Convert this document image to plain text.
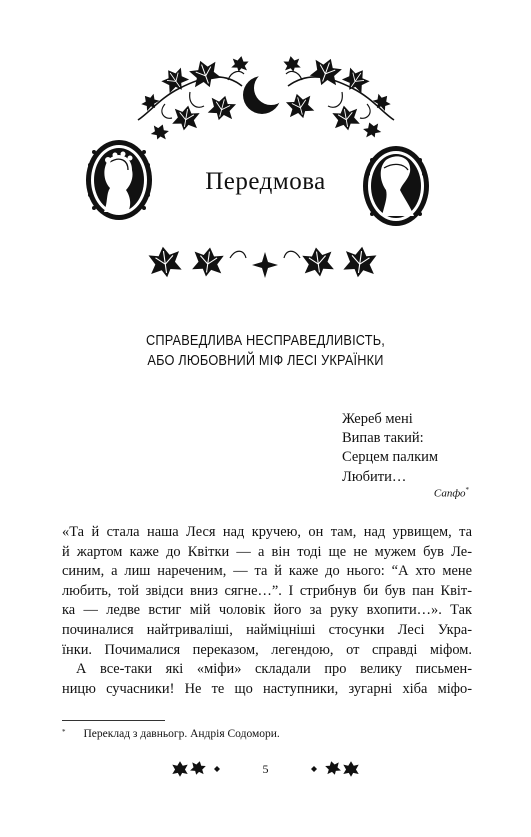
Передмова
СПРАВЕДЛИВА НЕСПРАВЕДЛИВІСТЬ,
АБО ЛЮБОВНИЙ МІФ ЛЕСІ УКРАЇНКИ
Жереб мені
Випав такий:
Серцем палким
Любити…
Сапфо*
«Та й стала наша Леся над кручею, он там, над урвищем, та
й жартом каже до Квітки — а він тоді ще не мужем був Ле-
синим, а лиш нареченим, — та й каже до нього: “А хто мене
любить, той звідси вниз сягне…”. І стрибнув би був пан Квіт-
ка — ледве встиг мій чоловік його за руку вхопити…». Так
починалися найтриваліші, наймiцніші стосунки Лесі Укра-
їнки. Почималися переказом, легендою, от справді міфом.
А все-таки які «міфи» складали про велику письмен-
ницю сучасники! Не те що наступники, зугарні хіба міфо-
* Переклад з давньогр. Андрія Содомори.
5
